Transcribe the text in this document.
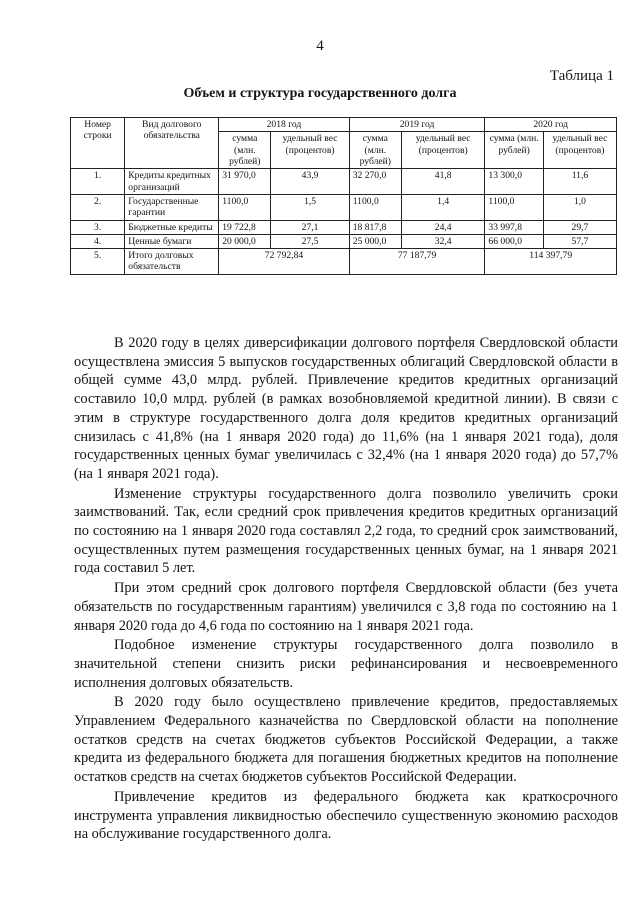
4
Таблица 1
Объем и структура государственного долга
Номер строки	Вид долгового обязательства	2018 год		2019 год		2020 год	
		сумма (млн. рублей)	удельный вес (процентов)	сумма (млн. рублей)	удельный вес (процентов)	сумма (млн. рублей)	удельный вес (процентов)
1.	Кредиты кредитных организаций	31 970,0	43,9	32 270,0	41,8	13 300,0	11,6
2.	Государственные гарантии	1100,0	1,5	1100,0	1,4	1100,0	1,0
3.	Бюджетные кредиты	19 722,8	27,1	18 817,8	24,4	33 997,8	29,7
4.	Ценные бумаги	20 000,0	27,5	25 000,0	32,4	66 000,0	57,7
5.	Итого долговых обязательств	72 792,84		77 187,79		114 397,79	

В 2020 году в целях диверсификации долгового портфеля Свердловской области осуществлена эмиссия 5 выпусков государственных облигаций Свердловской области в общей сумме 43,0 млрд. рублей. Привлечение кредитов кредитных организаций составило 10,0 млрд. рублей (в рамках возобновляемой кредитной линии). В связи с этим в структуре государственного долга доля кредитов кредитных организаций снизилась с 41,8% (на 1 января 2020 года) до 11,6% (на 1 января 2021 года), доля государственных ценных бумаг увеличилась с 32,4% (на 1 января 2020 года) до 57,7% (на 1 января 2021 года).

Изменение структуры государственного долга позволило увеличить сроки заимствований. Так, если средний срок привлечения кредитов кредитных организаций по состоянию на 1 января 2020 года составлял 2,2 года, то средний срок заимствований, осуществленных путем размещения государственных ценных бумаг, на 1 января 2021 года составил 5 лет.

При этом средний срок долгового портфеля Свердловской области (без учета обязательств по государственным гарантиям) увеличился с 3,8 года по состоянию на 1 января 2020 года до 4,6 года по состоянию на 1 января 2021 года.

Подобное изменение структуры государственного долга позволило в значительной степени снизить риски рефинансирования и несвоевременного исполнения долговых обязательств.

В 2020 году было осуществлено привлечение кредитов, предоставляемых Управлением Федерального казначейства по Свердловской области на пополнение остатков средств на счетах бюджетов субъектов Российской Федерации, а также кредита из федерального бюджета для погашения бюджетных кредитов на пополнение остатков средств на счетах бюджетов субъектов Российской Федерации.

Привлечение кредитов из федерального бюджета как краткосрочного инструмента управления ликвидностью обеспечило существенную экономию расходов на обслуживание государственного долга.
